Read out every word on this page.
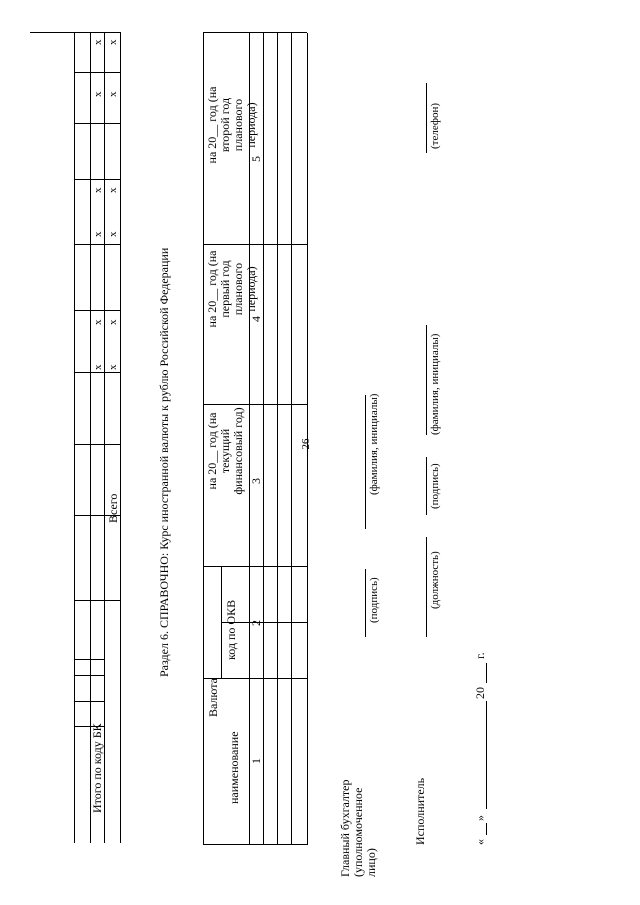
26
Итого по коду БК
Всего
x
x
x
x
x
x
x
x
x
x
x
x
Раздел 6. СПРАВОЧНО: Курс иностранной валюты к рублю Российской Федерации
Валюта
наименование
код по ОКВ
на 20__ год (на текущий финансовый год)
на 20__ год (на первый год планового периода)
на 20__ год (на второй год планового периода)
1
2
3
4
5
Главный бухгалтер (уполномоченное лицо)
(подпись)
(фамилия, инициалы)
Исполнитель
(должность)
(подпись)
(фамилия, инициалы)
(телефон)
«
»
20
г.
